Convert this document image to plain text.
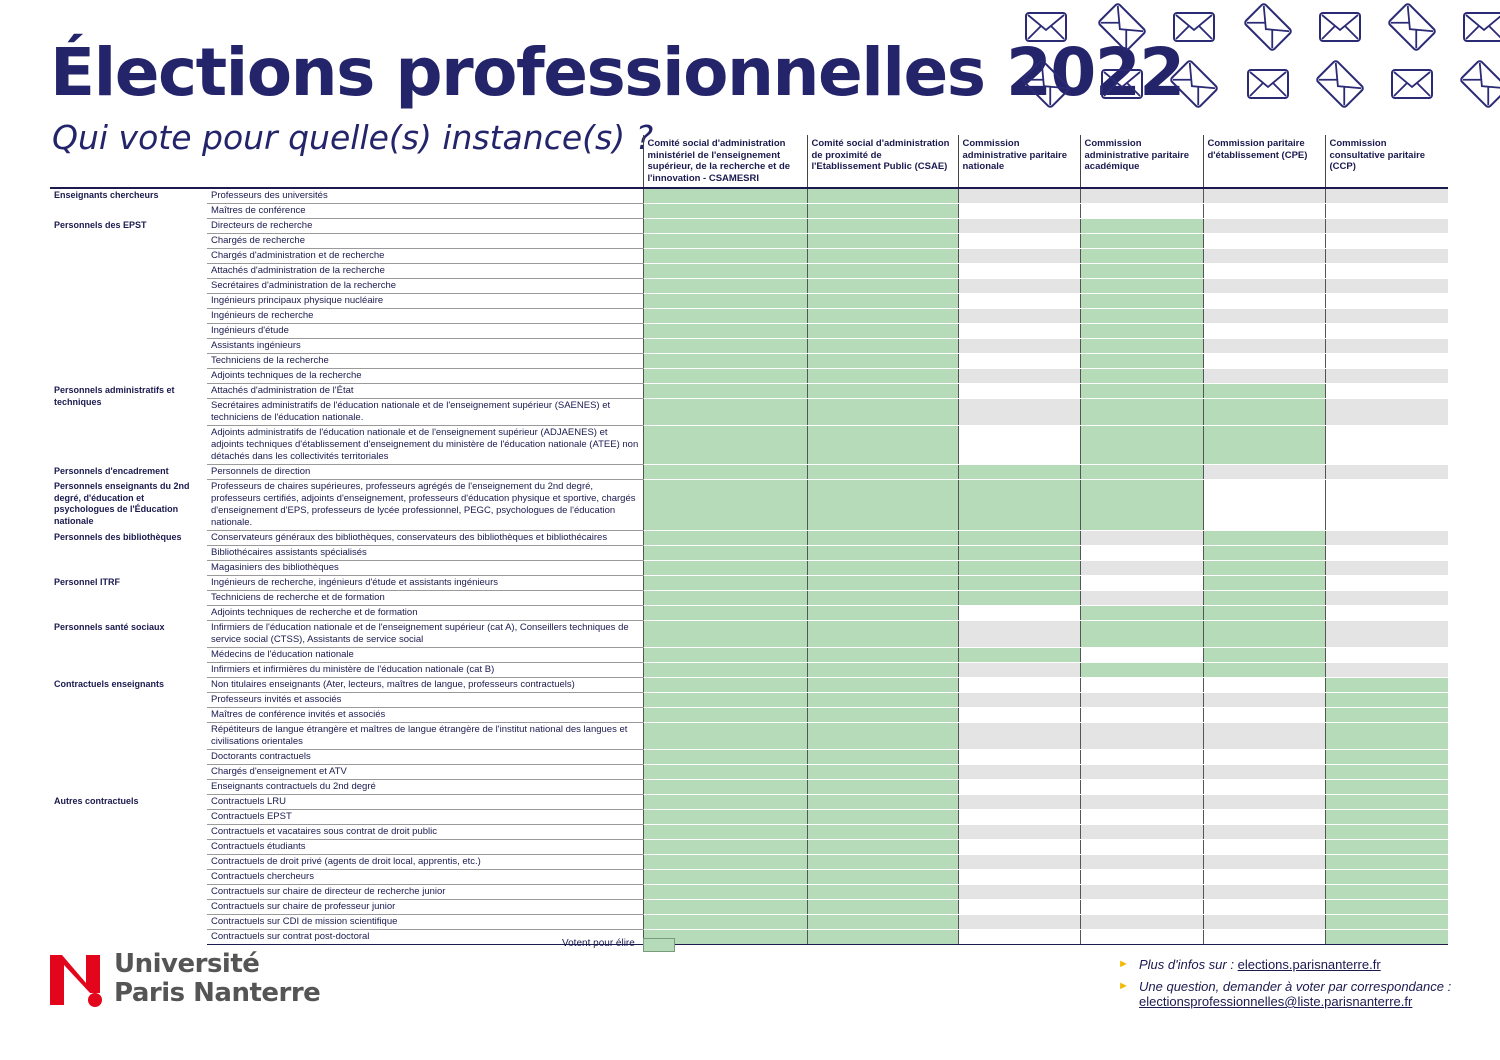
Élections professionnelles 2022
Qui vote pour quelle(s) instance(s) ?
		Comité social d'administration ministériel de l'enseignement supérieur, de la recherche et de l'innovation - CSAMESRI	Comité social d'administration de proximité de l'Etablissement Public (CSAE)	Commission administrative paritaire nationale	Commission administrative paritaire académique	Commission paritaire d'établissement (CPE)	Commission consultative paritaire (CCP)
Enseignants chercheurs	Professeurs des universités						
	Maîtres de conférence						
Personnels des EPST	Directeurs de recherche						
	Chargés de recherche						
	Chargés d'administration et de recherche						
	Attachés d'administration de la recherche						
	Secrétaires d'administration de la recherche						
	Ingénieurs principaux physique nucléaire						
	Ingénieurs de recherche						
	Ingénieurs d'étude						
	Assistants ingénieurs						
	Techniciens de la recherche						
	Adjoints techniques de la recherche						
Personnels administratifs et techniques	Attachés d'administration de l'État						
	Secrétaires administratifs de l'éducation nationale et de l'enseignement supérieur (SAENES) et techniciens de l'éducation nationale.						
	Adjoints administratifs de l'éducation nationale et de l'enseignement supérieur (ADJAENES) et adjoints techniques d'établissement d'enseignement du ministère de l'éducation nationale (ATEE) non détachés dans les collectivités territoriales						
Personnels d'encadrement	Personnels de direction						
Personnels enseignants du 2nd degré, d'éducation et psychologues de l'Éducation nationale	Professeurs de chaires supérieures, professeurs agrégés de l'enseignement du 2nd degré, professeurs certifiés, adjoints d'enseignement, professeurs d'éducation physique et sportive, chargés d'enseignement d'EPS, professeurs de lycée professionnel, PEGC, psychologues de l'éducation nationale.						
Personnels des bibliothèques	Conservateurs généraux des bibliothèques, conservateurs des bibliothèques et bibliothécaires						
	Bibliothécaires assistants spécialisés						
	Magasiniers des bibliothèques						
Personnel ITRF	Ingénieurs de recherche, ingénieurs d'étude et assistants ingénieurs						
	Techniciens de recherche et de formation						
	Adjoints techniques de recherche et de formation						
Personnels santé sociaux	Infirmiers de l'éducation nationale et de l'enseignement supérieur (cat A), Conseillers techniques de service social (CTSS), Assistants de service social						
	Médecins de l'éducation nationale						
	Infirmiers et infirmières du ministère de l'éducation nationale (cat B)						
Contractuels enseignants	Non titulaires enseignants (Ater, lecteurs, maîtres de langue, professeurs contractuels)						
	Professeurs invités et associés						
	Maîtres de conférence invités et associés						
	Répétiteurs de langue étrangère et maîtres de langue étrangère de l'institut national des langues et civilisations orientales						
	Doctorants contractuels						
	Chargés d'enseignement et ATV						
	Enseignants contractuels du 2nd degré						
Autres contractuels	Contractuels LRU						
	Contractuels EPST						
	Contractuels et vacataires sous contrat de droit public						
	Contractuels étudiants						
	Contractuels de droit privé (agents de droit local, apprentis, etc.)						
	Contractuels chercheurs						
	Contractuels sur chaire de directeur de recherche junior						
	Contractuels sur chaire de professeur junior						
	Contractuels sur CDI de mission scientifique						
	Contractuels sur contrat post-doctoral						
Votent pour élire
Université
Paris Nanterre
► Plus d'infos sur : elections.parisnanterre.fr
► Une question, demander à voter par correspondance :
electionsprofessionnelles@liste.parisnanterre.fr
